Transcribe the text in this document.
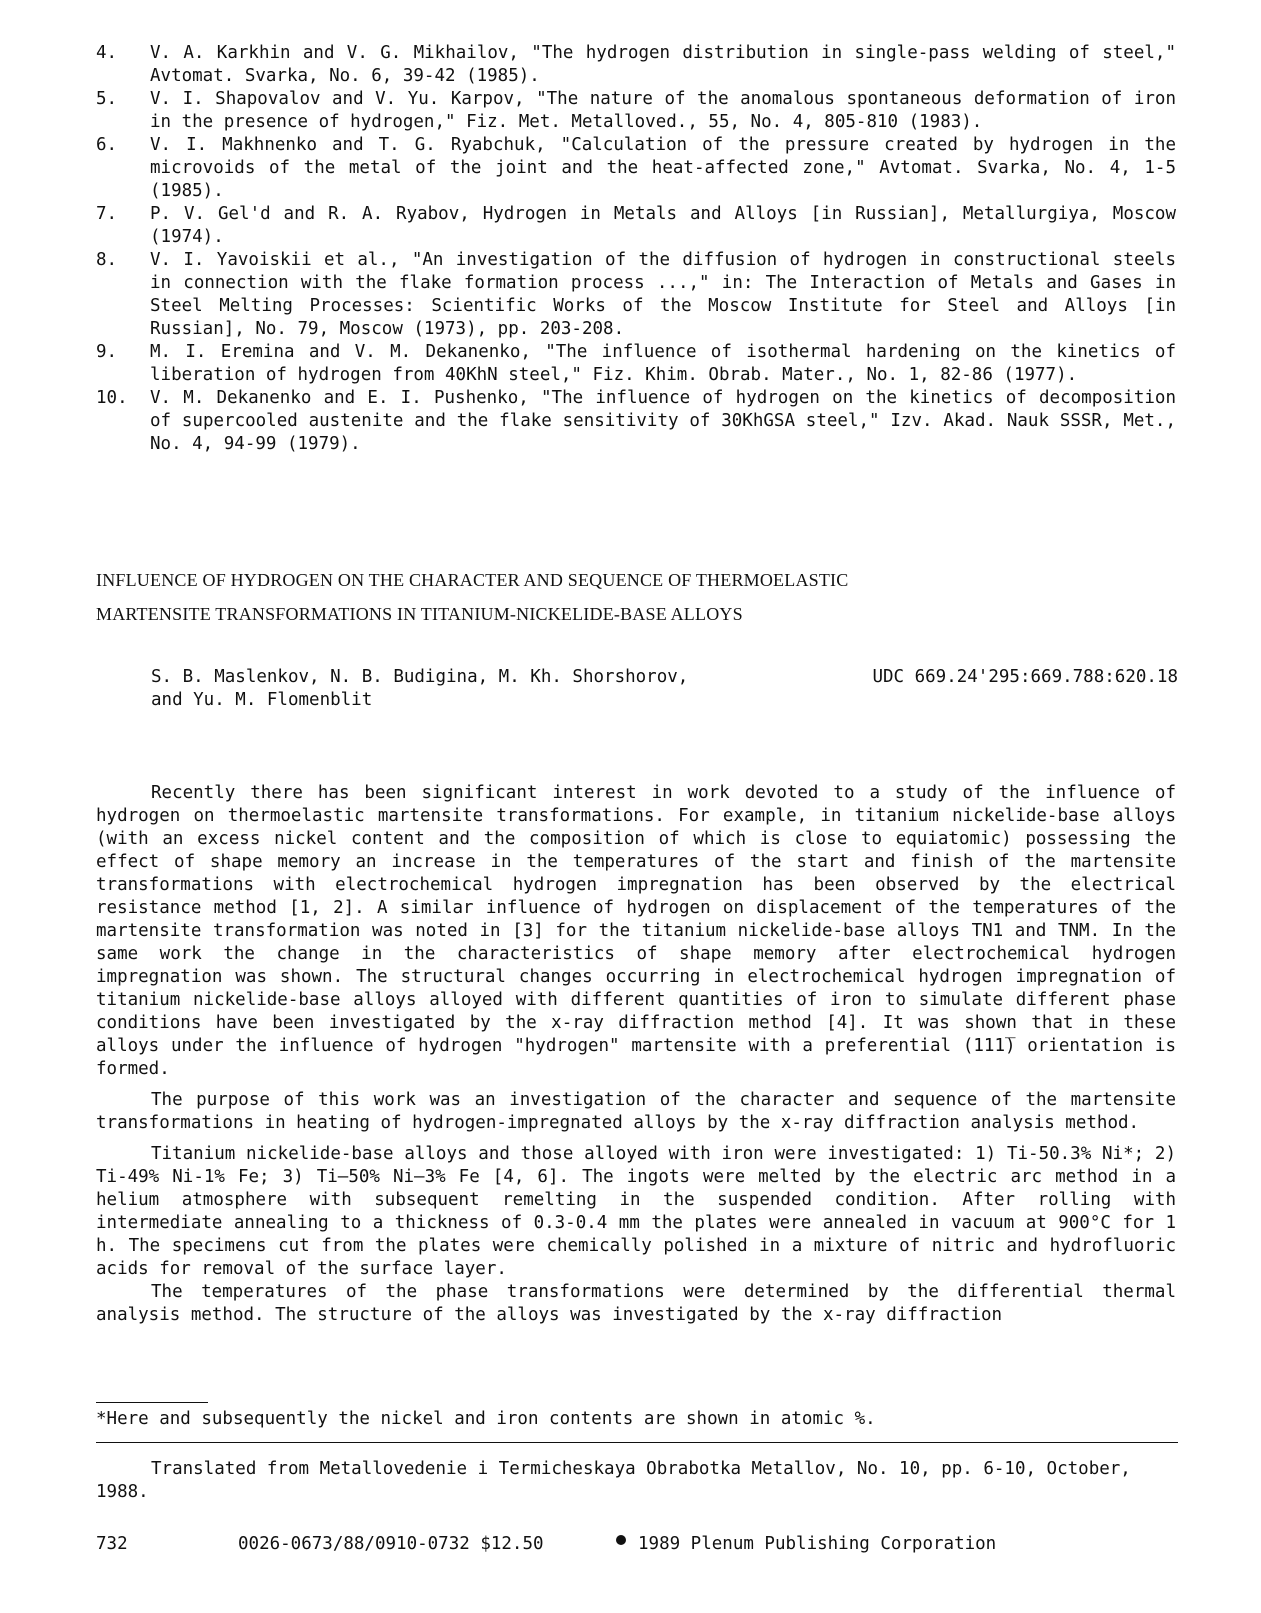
4.	V. A. Karkhin and V. G. Mikhailov, "The hydrogen distribution in single-pass welding of steel," Avtomat. Svarka, No. 6, 39-42 (1985).
5.	V. I. Shapovalov and V. Yu. Karpov, "The nature of the anomalous spontaneous deformation of iron in the presence of hydrogen," Fiz. Met. Metalloved., 55, No. 4, 805-810 (1983).
6.	V. I. Makhnenko and T. G. Ryabchuk, "Calculation of the pressure created by hydrogen in the microvoids of the metal of the joint and the heat-affected zone," Avtomat. Svarka, No. 4, 1-5 (1985).
7.	P. V. Gel'd and R. A. Ryabov, Hydrogen in Metals and Alloys [in Russian], Metallurgiya, Moscow (1974).
8.	V. I. Yavoiskii et al., "An investigation of the diffusion of hydrogen in constructional steels in connection with the flake formation process ...," in: The Interaction of Metals and Gases in Steel Melting Processes: Scientific Works of the Moscow Institute for Steel and Alloys [in Russian], No. 79, Moscow (1973), pp. 203-208.
9.	M. I. Eremina and V. M. Dekanenko, "The influence of isothermal hardening on the kinetics of liberation of hydrogen from 40KhN steel," Fiz. Khim. Obrab. Mater., No. 1, 82-86 (1977).
10.	V. M. Dekanenko and E. I. Pushenko, "The influence of hydrogen on the kinetics of decomposition of supercooled austenite and the flake sensitivity of 30KhGSA steel," Izv. Akad. Nauk SSSR, Met., No. 4, 94-99 (1979).
INFLUENCE OF HYDROGEN ON THE CHARACTER AND SEQUENCE OF THERMOELASTIC
MARTENSITE TRANSFORMATIONS IN TITANIUM-NICKELIDE-BASE ALLOYS
S. B. Maslenkov, N. B. Budigina, M. Kh. Shorshorov,
and Yu. M. Flomenblit
UDC 669.24'295:669.788:620.18

Recently there has been significant interest in work devoted to a study of the influence of hydrogen on thermoelastic martensite transformations. For example, in titanium nickelide-base alloys (with an excess nickel content and the composition of which is close to equiatomic) possessing the effect of shape memory an increase in the temperatures of the start and finish of the martensite transformations with electrochemical hydrogen impregnation has been observed by the electrical resistance method [1, 2]. A similar influence of hydrogen on displacement of the temperatures of the martensite transformation was noted in [3] for the titanium nickelide-base alloys TN1 and TNM. In the same work the change in the characteristics of shape memory after electrochemical hydrogen impregnation was shown. The structural changes occurring in electrochemical hydrogen impregnation of titanium nickelide-base alloys alloyed with different quantities of iron to simulate different phase conditions have been investigated by the x-ray diffraction method [4]. It was shown that in these alloys under the influence of hydrogen "hydrogen" martensite with a preferential (111̅) orientation is formed.

The purpose of this work was an investigation of the character and sequence of the martensite transformations in heating of hydrogen-impregnated alloys by the x-ray diffraction analysis method.

Titanium nickelide-base alloys and those alloyed with iron were investigated: 1) Ti-50.3% Ni*; 2) Ti-49% Ni-1% Fe; 3) Ti—50% Ni—3% Fe [4, 6]. The ingots were melted by the electric arc method in a helium atmosphere with subsequent remelting in the suspended condition. After rolling with intermediate annealing to a thickness of 0.3-0.4 mm the plates were annealed in vacuum at 900°C for 1 h. The specimens cut from the plates were chemically polished in a mixture of nitric and hydrofluoric acids for removal of the surface layer.

The temperatures of the phase transformations were determined by the differential thermal analysis method. The structure of the alloys was investigated by the x-ray diffraction

*Here and subsequently the nickel and iron contents are shown in atomic %.
Translated from Metallovedenie i Termicheskaya Obrabotka Metallov, No. 10, pp. 6-10, October, 1988.
732	0026-0673/88/0910-0732 $12.50	1989 Plenum Publishing Corporation
